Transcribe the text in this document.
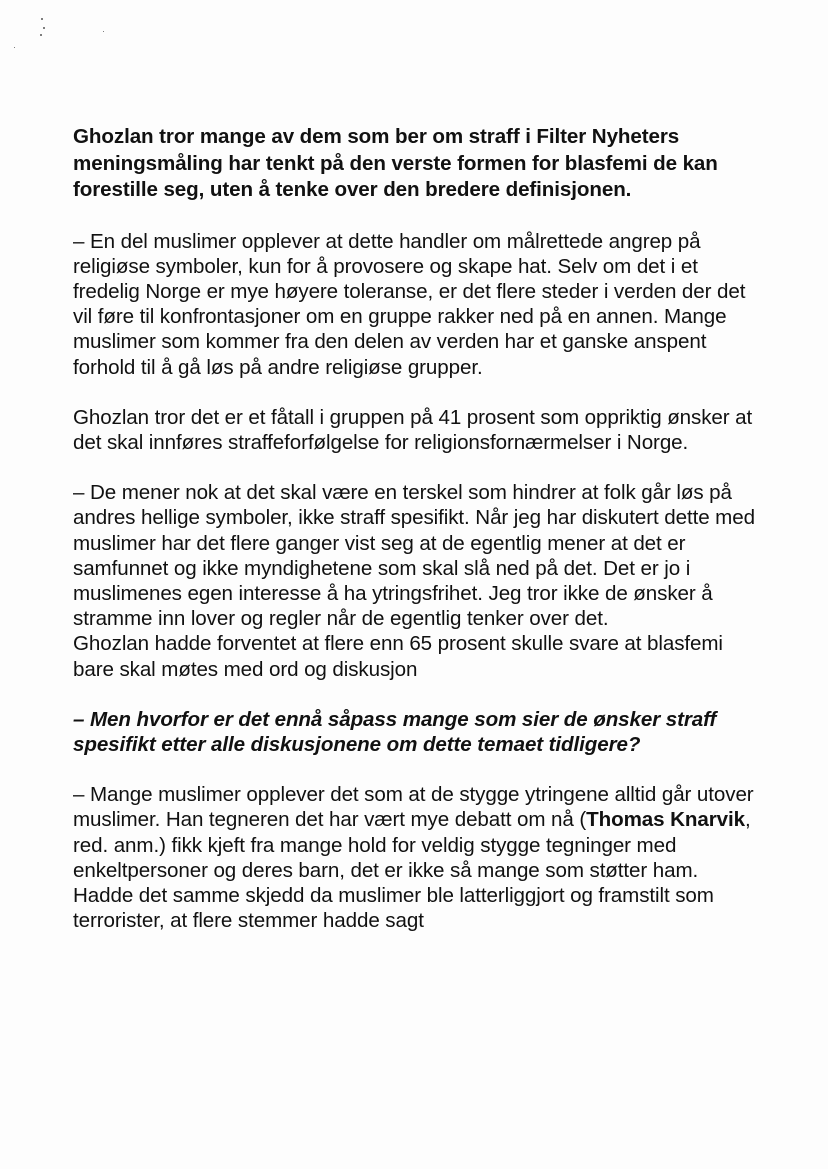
Ghozlan tror mange av dem som ber om straff i Filter Nyheters meningsmåling har tenkt på den verste formen for blasfemi de kan forestille seg, uten å tenke over den bredere definisjonen.

– En del muslimer opplever at dette handler om målrettede angrep på religiøse symboler, kun for å provosere og skape hat. Selv om det i et fredelig Norge er mye høyere toleranse, er det flere steder i verden der det vil føre til konfrontasjoner om en gruppe rakker ned på en annen. Mange muslimer som kommer fra den delen av verden har et ganske anspent forhold til å gå løs på andre religiøse grupper.

Ghozlan tror det er et fåtall i gruppen på 41 prosent som oppriktig ønsker at det skal innføres straffeforfølgelse for religionsfornærmelser i Norge.

– De mener nok at det skal være en terskel som hindrer at folk går løs på andres hellige symboler, ikke straff spesifikt. Når jeg har diskutert dette med muslimer har det flere ganger vist seg at de egentlig mener at det er samfunnet og ikke myndighetene som skal slå ned på det. Det er jo i muslimenes egen interesse å ha ytringsfrihet. Jeg tror ikke de ønsker å stramme inn lover og regler når de egentlig tenker over det.

Ghozlan hadde forventet at flere enn 65 prosent skulle svare at blasfemi bare skal møtes med ord og diskusjon

– Men hvorfor er det ennå såpass mange som sier de ønsker straff spesifikt etter alle diskusjonene om dette temaet tidligere?

– Mange muslimer opplever det som at de stygge ytringene alltid går utover muslimer. Han tegneren det har vært mye debatt om nå (Thomas Knarvik, red. anm.) fikk kjeft fra mange hold for veldig stygge tegninger med enkeltpersoner og deres barn, det er ikke så mange som støtter ham. Hadde det samme skjedd da muslimer ble latterliggjort og framstilt som terrorister, at flere stemmer hadde sagt
